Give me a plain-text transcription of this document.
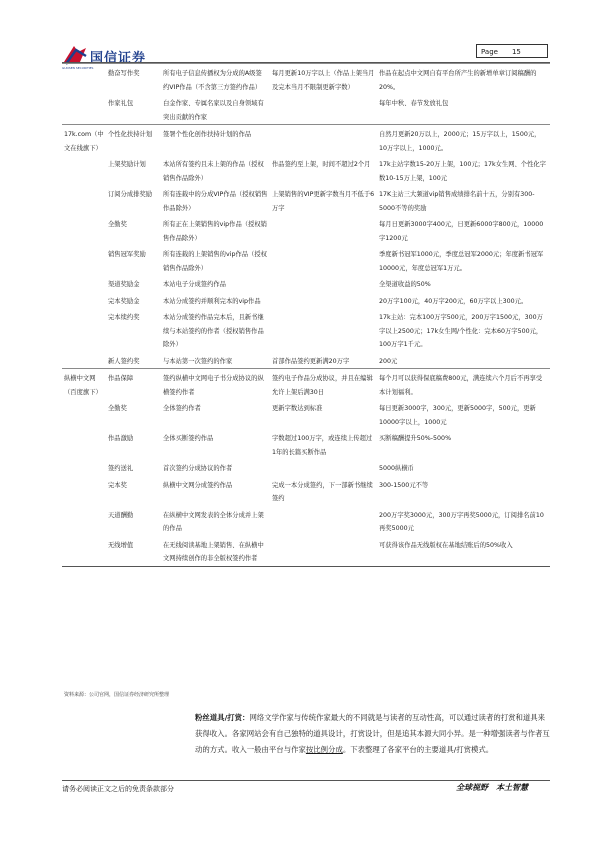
国信证券
GUOSEN SECURITIES
Page 15
	勤奋写作奖	所有电子信息传播权为分成的A级签约VIP作品（不含第三方签约作品）	每月更新10万字以上（作品上架当月及完本当月不限制更新字数）	作品在起点中文网自有平台所产生的新增单章订阅稿酬的20%。
	作家礼包	白金作家、专属名家以及自身领域有突出贡献的作家		每年中秋、春节发放礼包
17k.com（中文在线旗下）	个性化扶持计划	签署个性化创作扶持计划的作品		自然月更新20万以上，2000元；15万字以上，1500元，10万字以上，1000元。
	上架奖励计划	本站所有签约且未上架的作品（授权销售作品除外）	作品签约至上架，时间不超过2个月	17k主站字数15-20万上架，100元；17k女生网、个性化字数10-15万上架，100元
	订阅分成排奖励	所有连载中的分成VIP作品（授权销售作品除外）	上架销售的VIP更新字数当月不低于6万字	17K主站三大频道vip销售成绩排名前十五，分别有300-5000不等的奖励
	全勤奖	所有正在上架销售的vip作品（授权销售作品除外）		每月日更新3000字400元，日更新6000字800元，10000字1200元
	销售冠军奖励	所有连载的上架销售的vip作品（授权销售作品除外）		季度新书冠军1000元，季度总冠军2000元；年度新书冠军10000元，年度总冠军1万元。
	渠道奖励金	本站电子分成签约作品		全渠道收益的50%
	完本奖励金	本站分成签约并顺利完本的vip作品		20万字100元，40万字200元，60万字以上300元。
	完本续约奖	本站分成签约作品完本后，且新书继续与本站签约的作者（授权销售作品除外）		17k主站：完本100万字500元，200万字1500元，300万字以上2500元；17k女生网/个性化：完本60万字500元，100万字1千元。
	新人签约奖	与本站第一次签约的作家	首部作品签约更新满20万字	200元
纵横中文网（百度旗下）	作品保障	签约纵横中文网电子书分成协议的纵横签约作者	签约电子作品分成协议，并且在编辑允许上架后满30日	每个月可以获得保底稿费800元，满连续六个月后不再享受本计划福利。
	全勤奖	全体签约作者	更新字数达到标准	每日更新3000字，300元，更新5000字，500元，更新10000字以上，1000元
	作品激励	全体买断签约作品	字数超过100万字，或连续上传超过1年的长篇买断作品	买断稿酬提升50%-500%
	签约送礼	首次签约分成协议的作者		5000纵横币
	完本奖	纵横中文网分成签约作品	完成一本分成签约，下一部新书继续签约	300-1500元不等
	天道酬勤	在纵横中文网发表的全体分成并上架的作品		200万字奖3000元，300万字再奖5000元，订阅排名前10再奖5000元
	无线增值	在无线阅读基地上架销售、在纵横中文网持续创作的非全版权签约作者		可获得该作品无线版权在基地结账后的50%收入
资料来源：公司官网，国信证券经济研究所整理
粉丝道具/打赏：网络文学作家与传统作家最大的不同就是与读者的互动性高，可以通过读者的打赏和道具来获得收入。各家网站会有自己独特的道具设计，打赏设计，但是追其本源大同小异。是一种增强读者与作者互动的方式。收入一般由平台与作家按比例分成。下表整理了各家平台的主要道具/打赏模式。
请务必阅读正文之后的免责条款部分	全球视野　本土智慧
